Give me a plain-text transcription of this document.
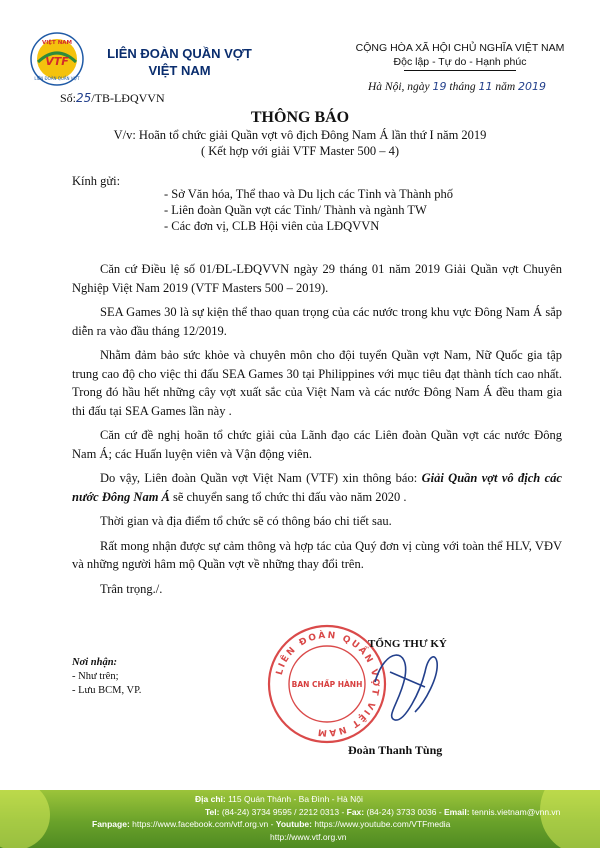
VIỆT NAM
VTF
LIÊN ĐOÀN QUẦN VỢT
LIÊN ĐOÀN QUẦN VỢT
VIỆT NAM
Số:25/TB-LĐQVVN
CỘNG HÒA XÃ HỘI CHỦ NGHĨA VIỆT NAM
Độc lập - Tự do - Hạnh phúc
Hà Nội, ngày 19 tháng 11 năm 2019
THÔNG BÁO
V/v: Hoãn tổ chức giải Quần vợt vô địch Đông Nam Á lần thứ I năm 2019
( Kết hợp với giải VTF Master 500 – 4)
Kính gửi:
- Sở Văn hóa, Thể thao và Du lịch các Tỉnh và Thành phố
- Liên đoàn Quần vợt các Tỉnh/ Thành và ngành TW
- Các đơn vị, CLB Hội viên của LĐQVVN

Căn cứ Điều lệ số 01/ĐL-LĐQVVN ngày 29 tháng 01 năm 2019 Giải Quần vợt Chuyên Nghiệp Việt Nam 2019 (VTF Masters 500 – 2019).

SEA Games 30 là sự kiện thể thao quan trọng của các nước trong khu vực Đông Nam Á sắp diễn ra vào đầu tháng 12/2019.

Nhằm đảm bảo sức khỏe và chuyên môn cho đội tuyển Quần vợt Nam, Nữ Quốc gia tập trung cao độ cho việc thi đấu SEA Games 30 tại Philippines với mục tiêu đạt thành tích cao nhất. Trong đó hầu hết những cây vợt xuất sắc của Việt Nam và các nước Đông Nam Á đều tham gia thi đấu tại SEA Games lần này .

Căn cứ đề nghị hoãn tổ chức giải của Lãnh đạo các Liên đoàn Quần vợt các nước Đông Nam Á; các Huấn luyện viên và Vận động viên.

Do vậy, Liên đoàn Quần vợt Việt Nam (VTF) xin thông báo: Giải Quần vợt vô địch các nước Đông Nam Á sẽ chuyển sang tổ chức thi đấu vào năm 2020 .

Thời gian và địa điểm tổ chức sẽ có thông báo chi tiết sau.

Rất mong nhận được sự cảm thông và hợp tác của Quý đơn vị cùng với toàn thể HLV, VĐV và những người hâm mộ Quần vợt về những thay đổi trên.

Trân trọng./.

Nơi nhận:
- Như trên;
- Lưu BCM, VP.
LIÊN ĐOÀN QUẦN VỢT VIỆT NAM
BAN CHẤP HÀNH
TỔNG THƯ KÝ
Đoàn Thanh Tùng
Địa chỉ: 115 Quán Thánh - Ba Đình - Hà Nội
Tel: (84-24) 3734 9595 / 2212 0313 - Fax: (84-24) 3733 0036 - Email: tennis.vietnam@vnn.vn
Fanpage: https://www.facebook.com/vtf.org.vn - Youtube: https://www.youtube.com/VTFmedia
http://www.vtf.org.vn
